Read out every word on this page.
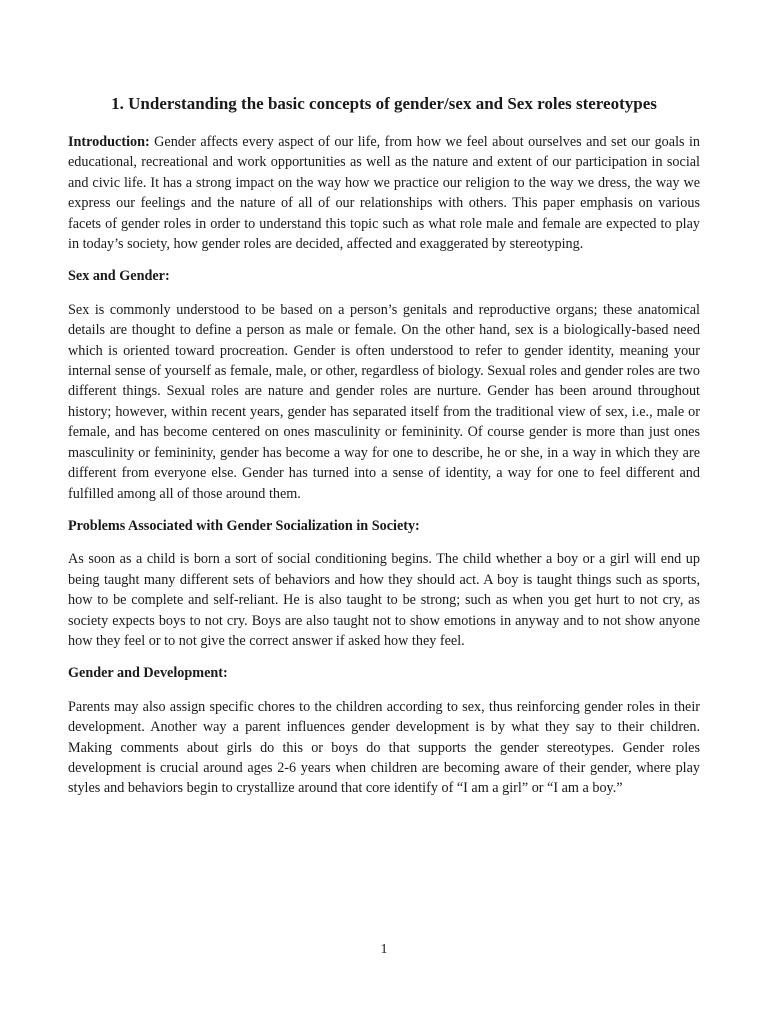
1. Understanding the basic concepts of gender/sex and Sex roles stereotypes

Introduction: Gender affects every aspect of our life, from how we feel about ourselves and set our goals in educational, recreational and work opportunities as well as the nature and extent of our participation in social and civic life. It has a strong impact on the way how we practice our religion to the way we dress, the way we express our feelings and the nature of all of our relationships with others. This paper emphasis on various facets of gender roles in order to understand this topic such as what role male and female are expected to play in today’s society, how gender roles are decided, affected and exaggerated by stereotyping.

Sex and Gender:

Sex is commonly understood to be based on a person’s genitals and reproductive organs; these anatomical details are thought to define a person as male or female. On the other hand, sex is a biologically-based need which is oriented toward procreation. Gender is often understood to refer to gender identity, meaning your internal sense of yourself as female, male, or other, regardless of biology. Sexual roles and gender roles are two different things. Sexual roles are nature and gender roles are nurture. Gender has been around throughout history; however, within recent years, gender has separated itself from the traditional view of sex, i.e., male or female, and has become centered on ones masculinity or femininity. Of course gender is more than just ones masculinity or femininity, gender has become a way for one to describe, he or she, in a way in which they are different from everyone else. Gender has turned into a sense of identity, a way for one to feel different and fulfilled among all of those around them.

Problems Associated with Gender Socialization in Society:

As soon as a child is born a sort of social conditioning begins. The child whether a boy or a girl will end up being taught many different sets of behaviors and how they should act. A boy is taught things such as sports, how to be complete and self-reliant. He is also taught to be strong; such as when you get hurt to not cry, as society expects boys to not cry. Boys are also taught not to show emotions in anyway and to not show anyone how they feel or to not give the correct answer if asked how they feel.

Gender and Development:

Parents may also assign specific chores to the children according to sex, thus reinforcing gender roles in their development. Another way a parent influences gender development is by what they say to their children. Making comments about girls do this or boys do that supports the gender stereotypes. Gender roles development is crucial around ages 2-6 years when children are becoming aware of their gender, where play styles and behaviors begin to crystallize around that core identify of “I am a girl” or “I am a boy.”

1
